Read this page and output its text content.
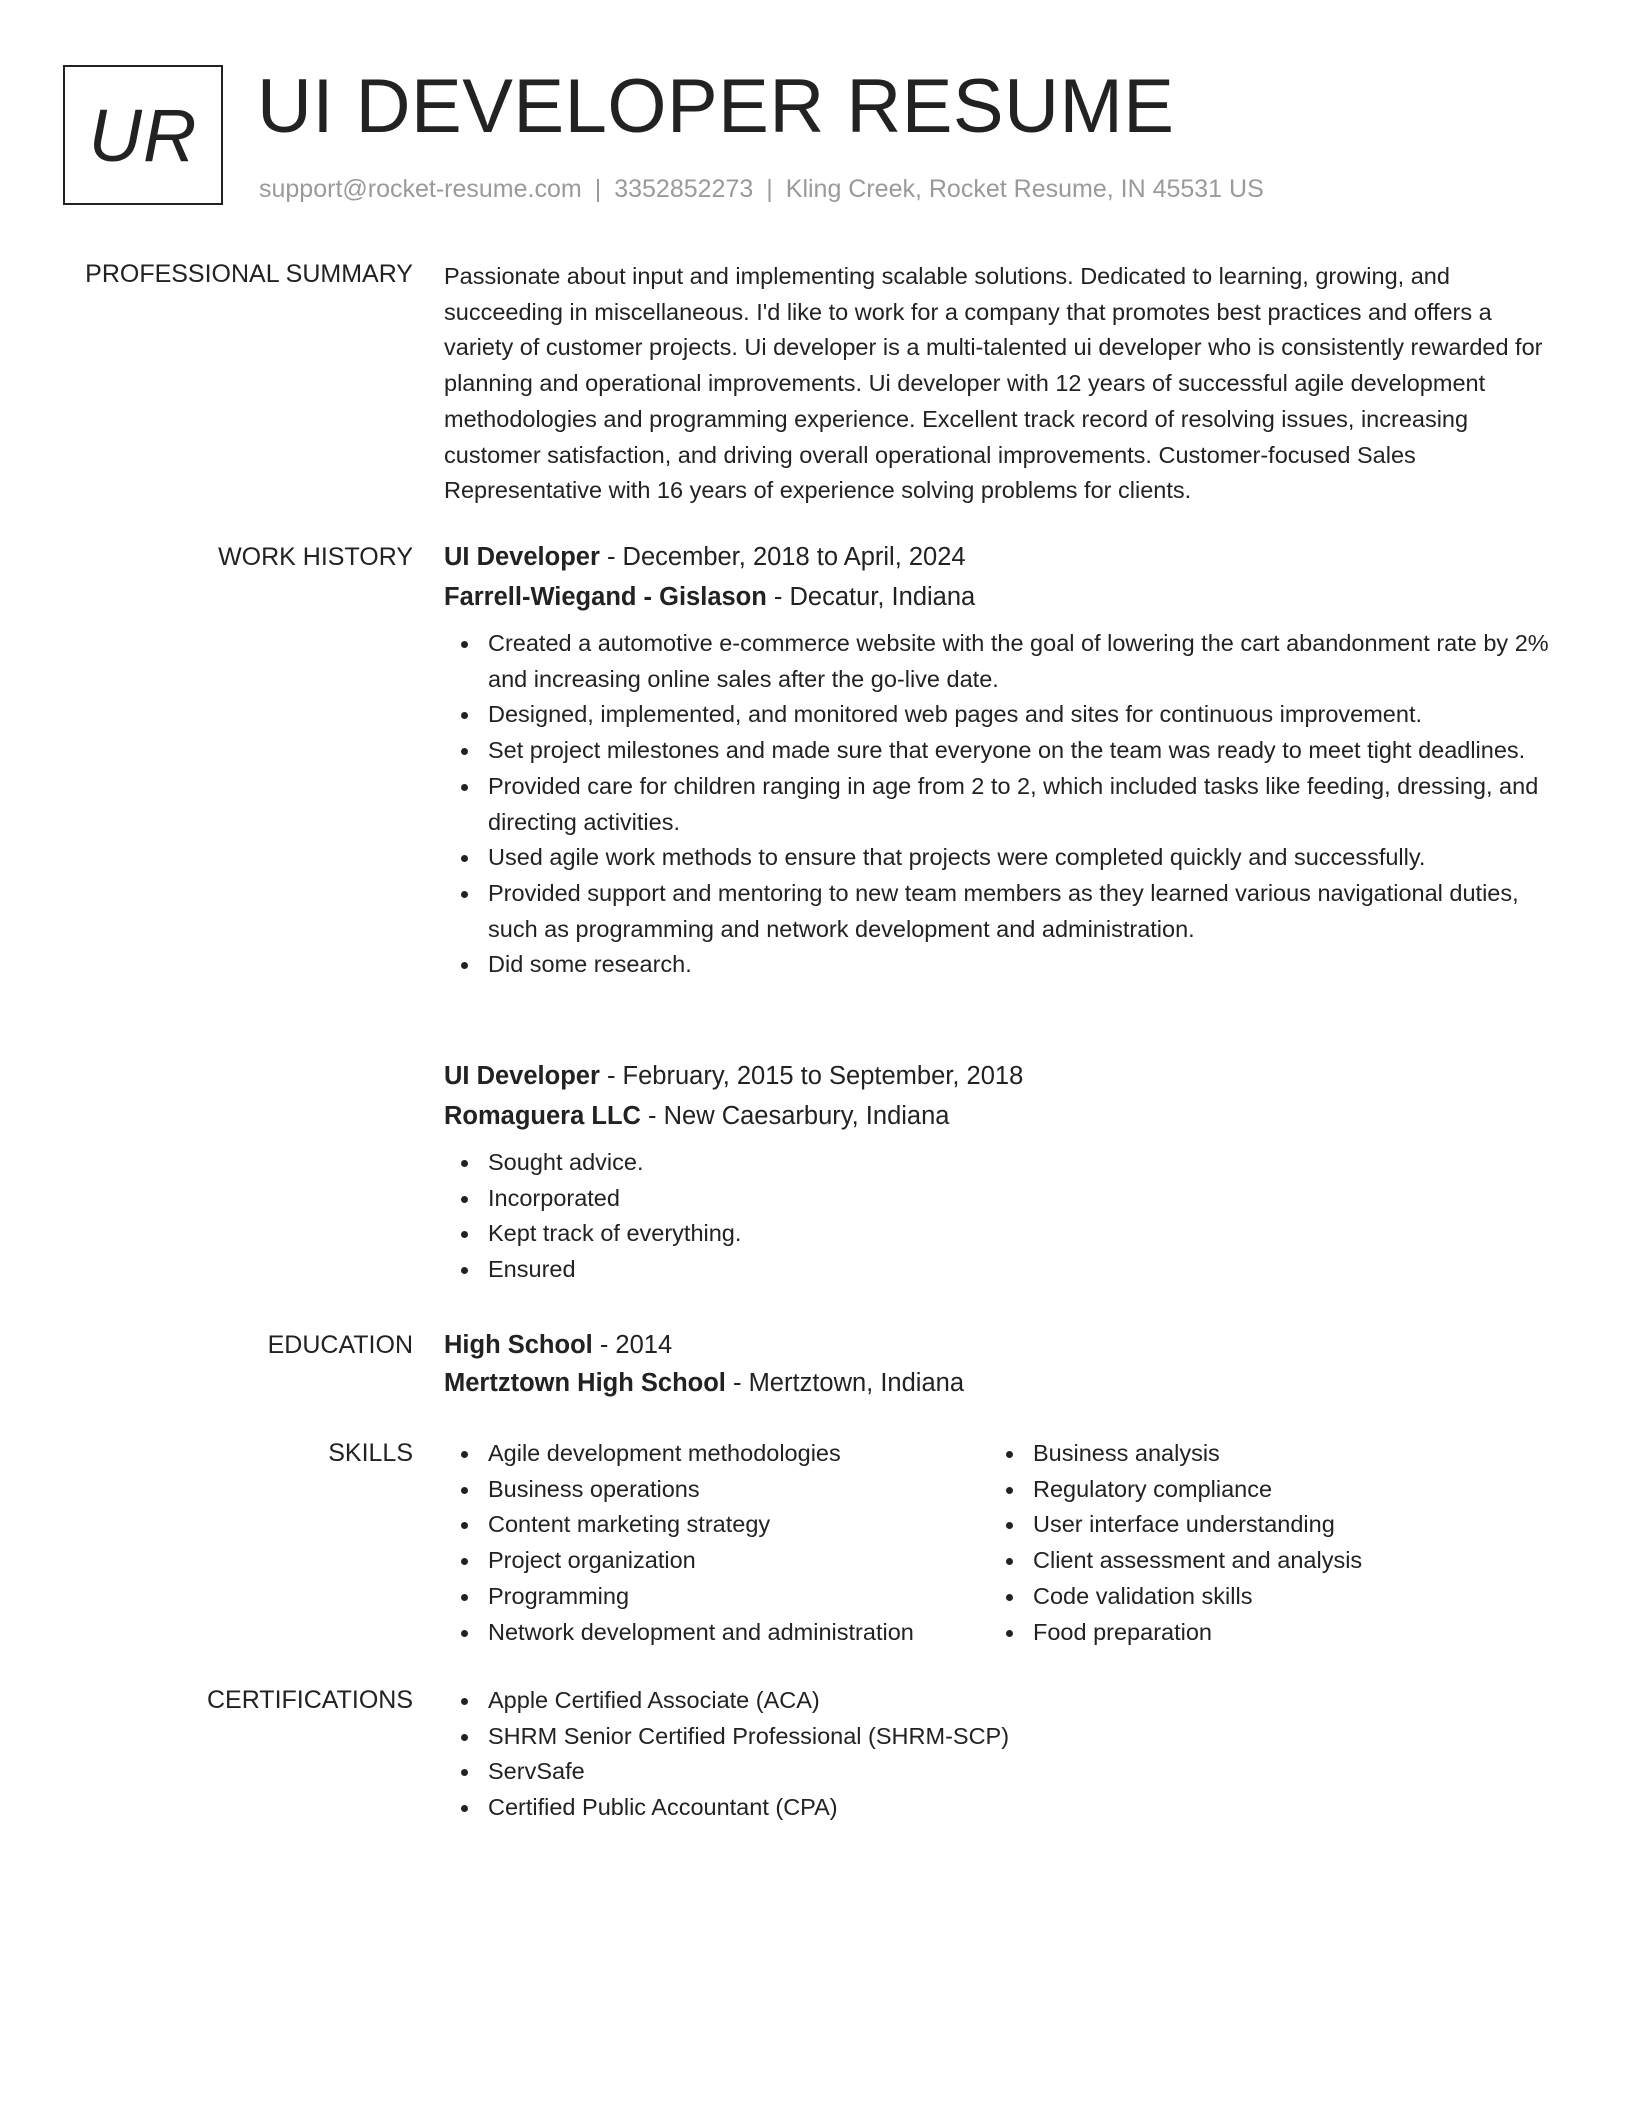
UR UI DEVELOPER RESUME
support@rocket-resume.com | 3352852273 | Kling Creek, Rocket Resume, IN 45531 US
PROFESSIONAL SUMMARY Passionate about input and implementing scalable solutions. Dedicated to learning, growing, and succeeding in miscellaneous. I'd like to work for a company that promotes best practices and offers a variety of customer projects. Ui developer is a multi-talented ui developer who is consistently rewarded for planning and operational improvements. Ui developer with 12 years of successful agile development methodologies and programming experience. Excellent track record of resolving issues, increasing customer satisfaction, and driving overall operational improvements. Customer-focused Sales Representative with 16 years of experience solving problems for clients.

WORK HISTORY UI Developer - December, 2018 to April, 2024
Farrell-Wiegand - Gislason - Decatur, Indiana
Created a automotive e-commerce website with the goal of lowering the cart abandonment rate by 2% and increasing online sales after the go-live date.
Designed, implemented, and monitored web pages and sites for continuous improvement.
Set project milestones and made sure that everyone on the team was ready to meet tight deadlines.
Provided care for children ranging in age from 2 to 2, which included tasks like feeding, dressing, and directing activities.
Used agile work methods to ensure that projects were completed quickly and successfully.
Provided support and mentoring to new team members as they learned various navigational duties, such as programming and network development and administration.
Did some research.
UI Developer - February, 2015 to September, 2018
Romaguera LLC - New Caesarbury, Indiana
Sought advice.
Incorporated
Kept track of everything.
Ensured
EDUCATION High School - 2014
Mertztown High School - Mertztown, Indiana
SKILLS	Agile development methodologies
Business operations
Content marketing strategy
Project organization
Programming
Network development and administration
Business analysis
Regulatory compliance
User interface understanding
Client assessment and analysis
Code validation skills
Food preparation
CERTIFICATIONS	Apple Certified Associate (ACA)
SHRM Senior Certified Professional (SHRM-SCP)
ServSafe
Certified Public Accountant (CPA)
